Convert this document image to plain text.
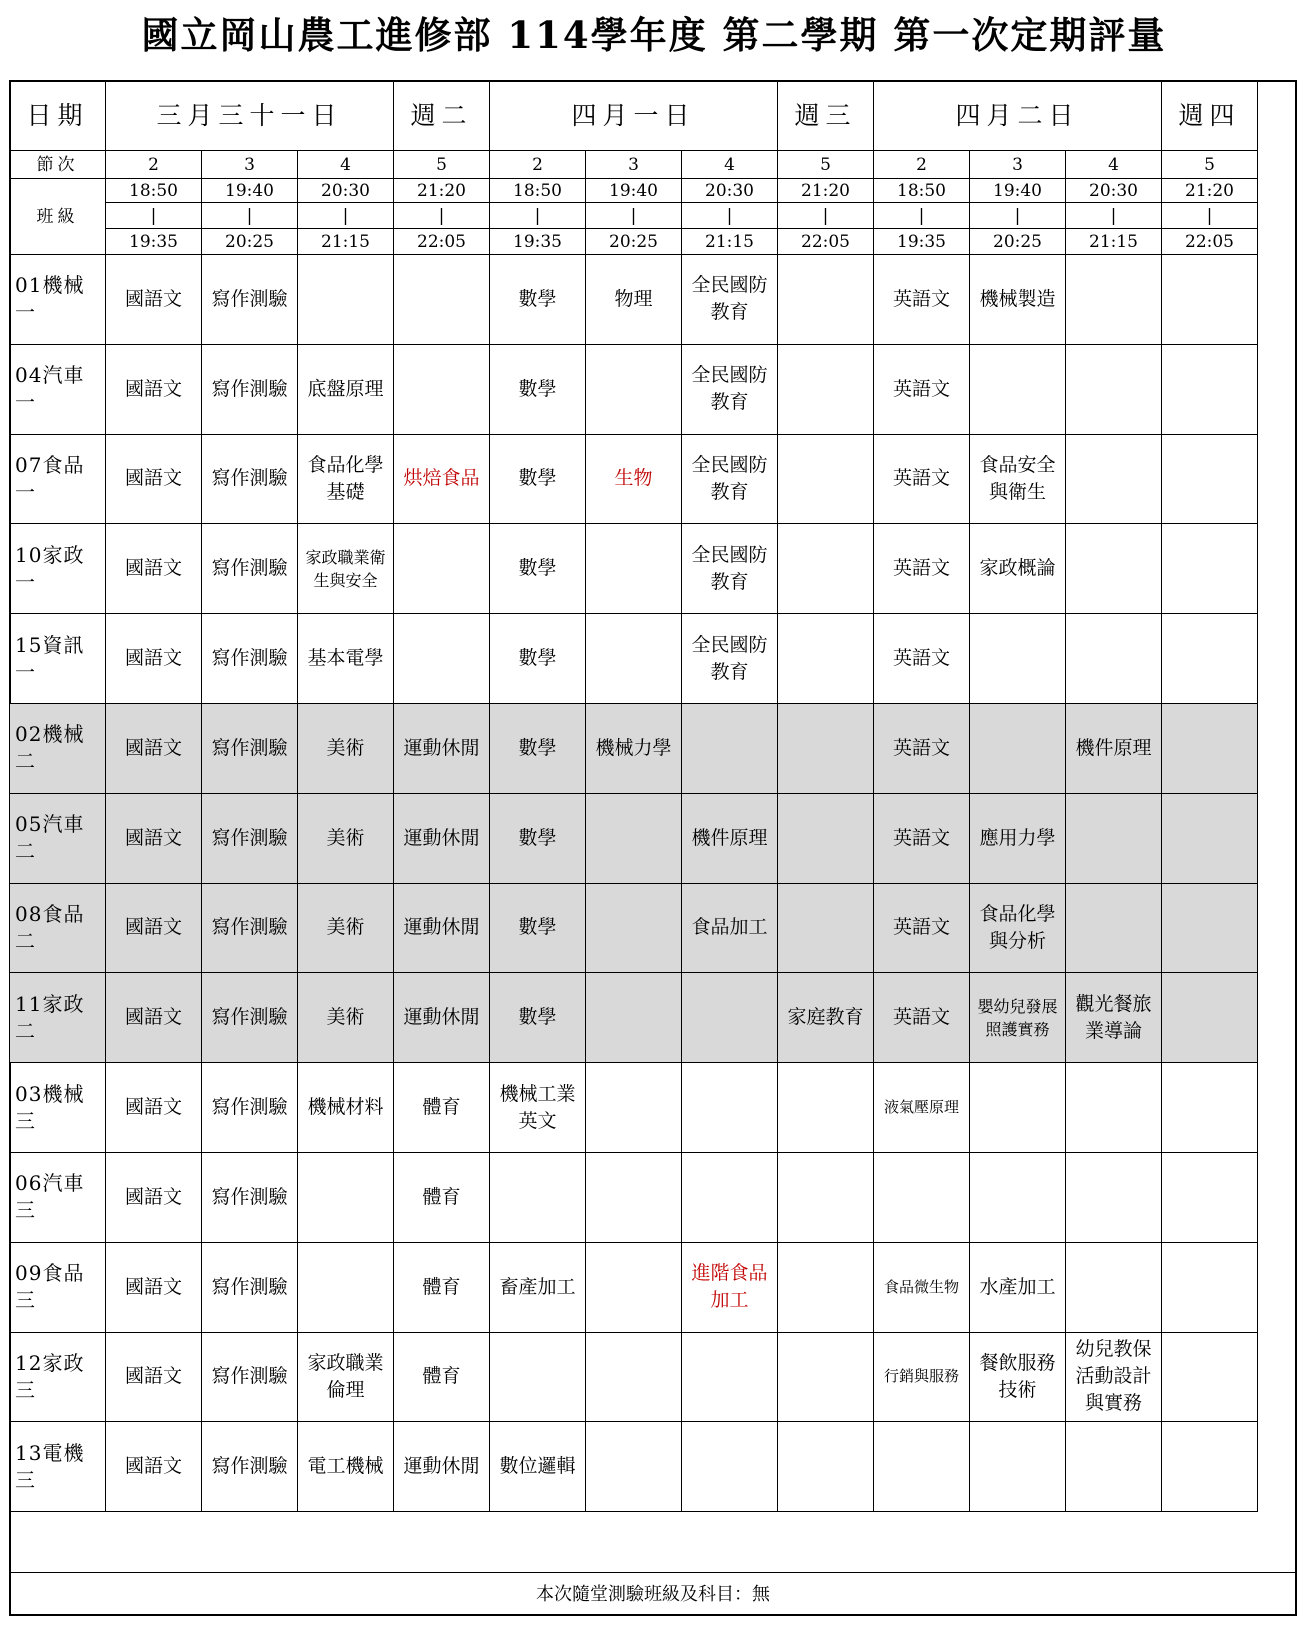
國立岡山農工進修部 114學年度 第二學期 第一次定期評量
日期	三月三十一日			週二	四月一日			週三	四月二日			週四
節次	2	3	4	5	2	3	4	5	2	3	4	5
班級	18:50	19:40	20:30	21:20	18:50	19:40	20:30	21:20	18:50	19:40	20:30	21:20
	|	|	|	|	|	|	|	|	|	|	|	|
	19:35	20:25	21:15	22:05	19:35	20:25	21:15	22:05	19:35	20:25	21:15	22:05
01機械一	國語文	寫作測驗			數學	物理	全民國防教育		英語文	機械製造		
04汽車一	國語文	寫作測驗	底盤原理		數學		全民國防教育		英語文			
07食品一	國語文	寫作測驗	食品化學基礎	烘焙食品	數學	生物	全民國防教育		英語文	食品安全與衛生		
10家政一	國語文	寫作測驗	家政職業衛生與安全		數學		全民國防教育		英語文	家政概論		
15資訊一	國語文	寫作測驗	基本電學		數學		全民國防教育		英語文			
02機械二	國語文	寫作測驗	美術	運動休閒	數學	機械力學			英語文		機件原理	
05汽車二	國語文	寫作測驗	美術	運動休閒	數學		機件原理		英語文	應用力學		
08食品二	國語文	寫作測驗	美術	運動休閒	數學		食品加工		英語文	食品化學與分析		
11家政二	國語文	寫作測驗	美術	運動休閒	數學			家庭教育	英語文	嬰幼兒發展照護實務	觀光餐旅業導論	
03機械三	國語文	寫作測驗	機械材料	體育	機械工業英文				液氣壓原理			
06汽車三	國語文	寫作測驗		體育								
09食品三	國語文	寫作測驗		體育	畜產加工		進階食品加工		食品微生物	水產加工		
12家政三	國語文	寫作測驗	家政職業倫理	體育					行銷與服務	餐飲服務技術	幼兒教保活動設計與實務	
13電機三	國語文	寫作測驗	電工機械	運動休閒	數位邏輯							
本次隨堂測驗班級及科目：無
